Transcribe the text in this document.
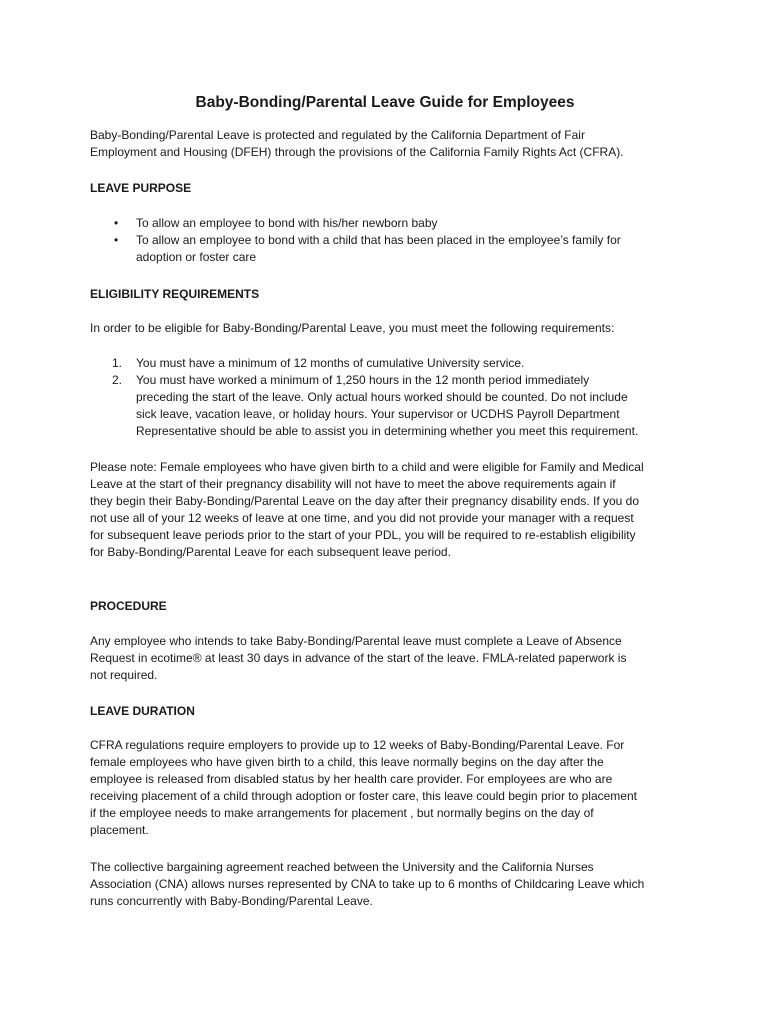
Baby-Bonding/Parental Leave Guide for Employees

Baby-Bonding/Parental Leave is protected and regulated by the California Department of Fair

Employment and Housing (DFEH) through the provisions of the California Family Rights Act (CFRA).

LEAVE PURPOSE
• To allow an employee to bond with his/her newborn baby

• To allow an employee to bond with a child that has been placed in the employee’s family for

adoption or foster care

ELIGIBILITY REQUIREMENTS
In order to be eligible for Baby-Bonding/Parental Leave, you must meet the following requirements:
1. You must have a minimum of 12 months of cumulative University service.

2. You must have worked a minimum of 1,250 hours in the 12 month period immediately

preceding the start of the leave. Only actual hours worked should be counted. Do not include

sick leave, vacation leave, or holiday hours. Your supervisor or UCDHS Payroll Department

Representative should be able to assist you in determining whether you meet this requirement.

Please note: Female employees who have given birth to a child and were eligible for Family and Medical

Leave at the start of their pregnancy disability will not have to meet the above requirements again if

they begin their Baby-Bonding/Parental Leave on the day after their pregnancy disability ends. If you do

not use all of your 12 weeks of leave at one time, and you did not provide your manager with a request

for subsequent leave periods prior to the start of your PDL, you will be required to re-establish eligibility

for Baby-Bonding/Parental Leave for each subsequent leave period.

PROCEDURE

Any employee who intends to take Baby-Bonding/Parental leave must complete a Leave of Absence

Request in ecotime® at least 30 days in advance of the start of the leave. FMLA-related paperwork is

not required.

LEAVE DURATION

CFRA regulations require employers to provide up to 12 weeks of Baby-Bonding/Parental Leave. For

female employees who have given birth to a child, this leave normally begins on the day after the

employee is released from disabled status by her health care provider. For employees are who are

receiving placement of a child through adoption or foster care, this leave could begin prior to placement

if the employee needs to make arrangements for placement , but normally begins on the day of

placement.

The collective bargaining agreement reached between the University and the California Nurses

Association (CNA) allows nurses represented by CNA to take up to 6 months of Childcaring Leave which

runs concurrently with Baby-Bonding/Parental Leave.
